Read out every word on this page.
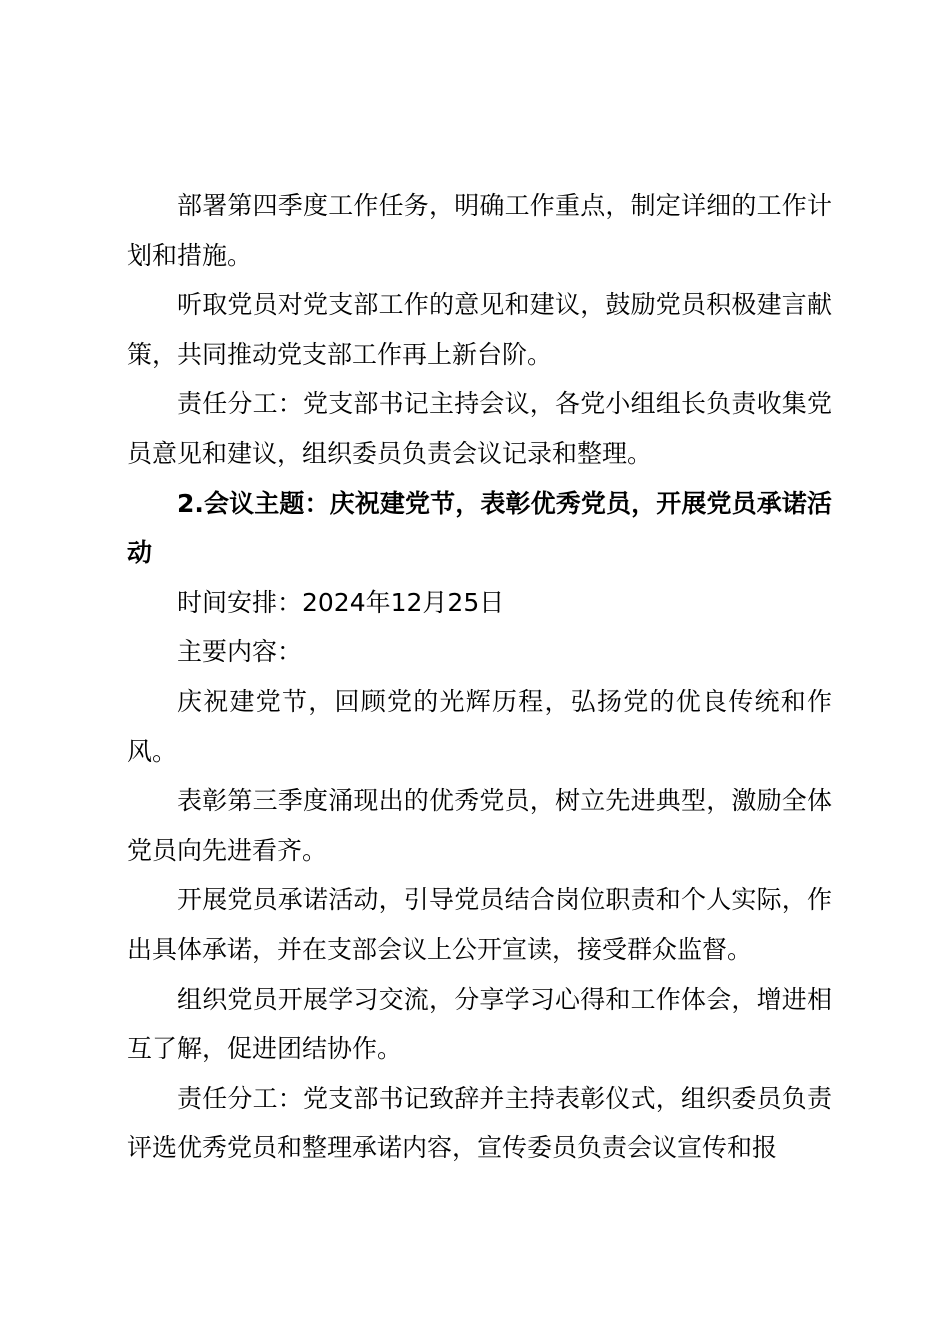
部署第四季度工作任务，明确工作重点，制定详细的工作计划和措施。

听取党员对党支部工作的意见和建议，鼓励党员积极建言献策，共同推动党支部工作再上新台阶。

责任分工：党支部书记主持会议，各党小组组长负责收集党员意见和建议，组织委员负责会议记录和整理。

2.会议主题：庆祝建党节，表彰优秀党员，开展党员承诺活动

时间安排：2024年12月25日

主要内容：

庆祝建党节，回顾党的光辉历程，弘扬党的优良传统和作风。

表彰第三季度涌现出的优秀党员，树立先进典型，激励全体党员向先进看齐。

开展党员承诺活动，引导党员结合岗位职责和个人实际，作出具体承诺，并在支部会议上公开宣读，接受群众监督。

组织党员开展学习交流，分享学习心得和工作体会，增进相互了解，促进团结协作。

责任分工：党支部书记致辞并主持表彰仪式，组织委员负责评选优秀党员和整理承诺内容，宣传委员负责会议宣传和报
